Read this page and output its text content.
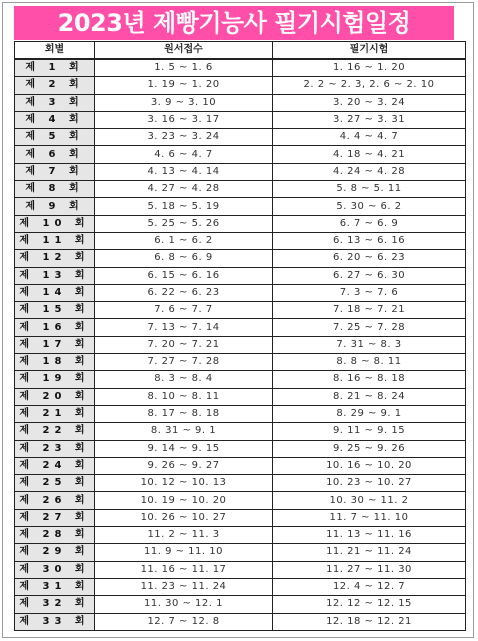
2023년 제빵기능사 필기시험일정
회별	원서접수	필기시험
제 1 회	1. 5 ~ 1. 6	1. 16 ~ 1. 20
제 2 회	1. 19 ~ 1. 20	2. 2 ~ 2. 3, 2. 6 ~ 2. 10
제 3 회	3. 9 ~ 3. 10	3. 20 ~ 3. 24
제 4 회	3. 16 ~ 3. 17	3. 27 ~ 3. 31
제 5 회	3. 23 ~ 3. 24	4. 4 ~ 4. 7
제 6 회	4. 6 ~ 4. 7	4. 18 ~ 4. 21
제 7 회	4. 13 ~ 4. 14	4. 24 ~ 4. 28
제 8 회	4. 27 ~ 4. 28	5. 8 ~ 5. 11
제 9 회	5. 18 ~ 5. 19	5. 30 ~ 6. 2
제 10 회	5. 25 ~ 5. 26	6. 7 ~ 6. 9
제 11 회	6. 1 ~ 6. 2	6. 13 ~ 6. 16
제 12 회	6. 8 ~ 6. 9	6. 20 ~ 6. 23
제 13 회	6. 15 ~ 6. 16	6. 27 ~ 6. 30
제 14 회	6. 22 ~ 6. 23	7. 3 ~ 7. 6
제 15 회	7. 6 ~ 7. 7	7. 18 ~ 7. 21
제 16 회	7. 13 ~ 7. 14	7. 25 ~ 7. 28
제 17 회	7. 20 ~ 7. 21	7. 31 ~ 8. 3
제 18 회	7. 27 ~ 7. 28	8. 8 ~ 8. 11
제 19 회	8. 3 ~ 8. 4	8. 16 ~ 8. 18
제 20 회	8. 10 ~ 8. 11	8. 21 ~ 8. 24
제 21 회	8. 17 ~ 8. 18	8. 29 ~ 9. 1
제 22 회	8. 31 ~ 9. 1	9. 11 ~ 9. 15
제 23 회	9. 14 ~ 9. 15	9. 25 ~ 9. 26
제 24 회	9. 26 ~ 9. 27	10. 16 ~ 10. 20
제 25 회	10. 12 ~ 10. 13	10. 23 ~ 10. 27
제 26 회	10. 19 ~ 10. 20	10. 30 ~ 11. 2
제 27 회	10. 26 ~ 10. 27	11. 7 ~ 11. 10
제 28 회	11. 2 ~ 11. 3	11. 13 ~ 11. 16
제 29 회	11. 9 ~ 11. 10	11. 21 ~ 11. 24
제 30 회	11. 16 ~ 11. 17	11. 27 ~ 11. 30
제 31 회	11. 23 ~ 11. 24	12. 4 ~ 12. 7
제 32 회	11. 30 ~ 12. 1	12. 12 ~ 12. 15
제 33 회	12. 7 ~ 12. 8	12. 18 ~ 12. 21
